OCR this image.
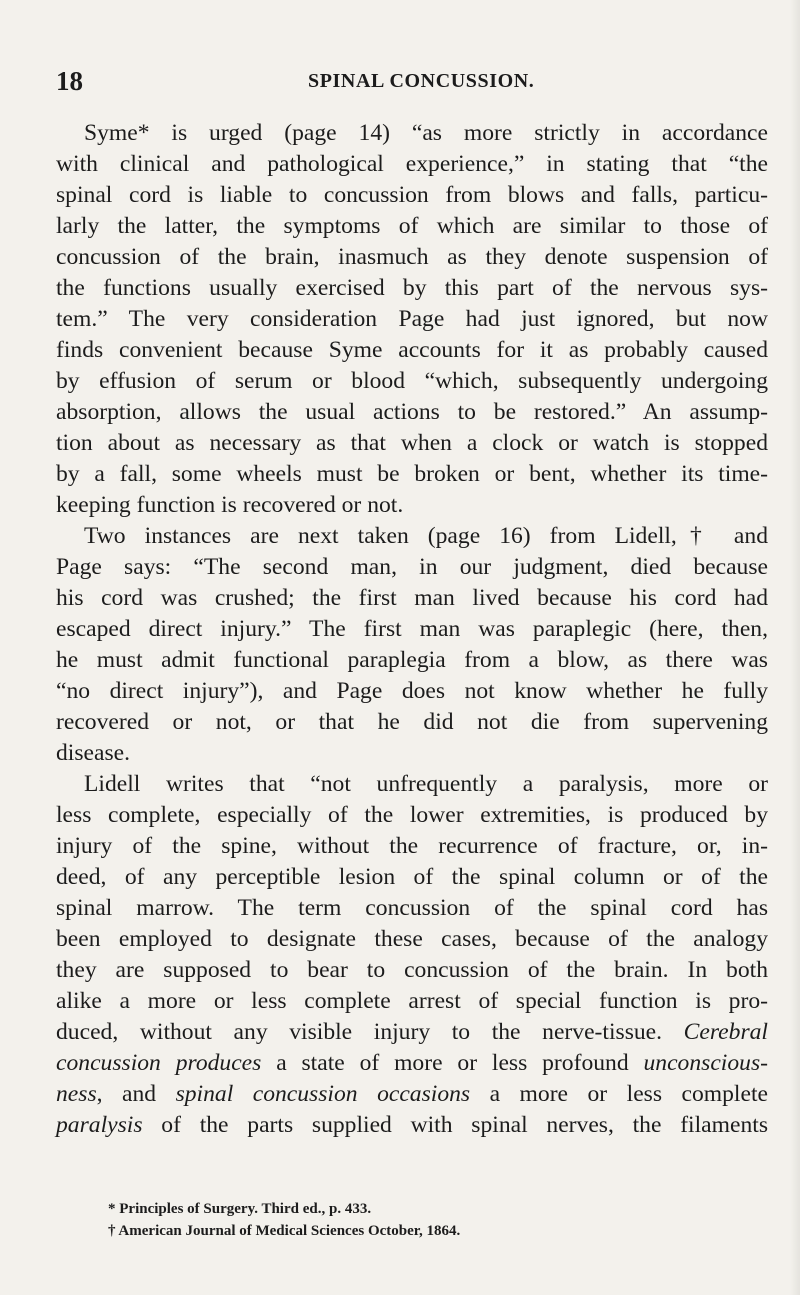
18	SPINAL CONCUSSION.
Syme* is urged (page 14) “as more strictly in accordance
with clinical and pathological experience,” in stating that “the
spinal cord is liable to concussion from blows and falls, particu-
larly the latter, the symptoms of which are similar to those of
concussion of the brain, inasmuch as they denote suspension of
the functions usually exercised by this part of the nervous sys-
tem.” The very consideration Page had just ignored, but now
finds convenient because Syme accounts for it as probably caused
by effusion of serum or blood “which, subsequently undergoing
absorption, allows the usual actions to be restored.” An assump-
tion about as necessary as that when a clock or watch is stopped
by a fall, some wheels must be broken or bent, whether its time-
keeping function is recovered or not.
Two instances are next taken (page 16) from Lidell,† and
Page says: “The second man, in our judgment, died because
his cord was crushed; the first man lived because his cord had
escaped direct injury.” The first man was paraplegic (here, then,
he must admit functional paraplegia from a blow, as there was
“no direct injury”), and Page does not know whether he fully
recovered or not, or that he did not die from supervening
disease.
Lidell writes that “not unfrequently a paralysis, more or
less complete, especially of the lower extremities, is produced by
injury of the spine, without the recurrence of fracture, or, in-
deed, of any perceptible lesion of the spinal column or of the
spinal marrow. The term concussion of the spinal cord has
been employed to designate these cases, because of the analogy
they are supposed to bear to concussion of the brain. In both
alike a more or less complete arrest of special function is pro-
duced, without any visible injury to the nerve-tissue. Cerebral
concussion produces a state of more or less profound unconscious-
ness, and spinal concussion occasions a more or less complete
paralysis of the parts supplied with spinal nerves, the filaments
* Principles of Surgery. Third ed., p. 433.
† American Journal of Medical Sciences October, 1864.
